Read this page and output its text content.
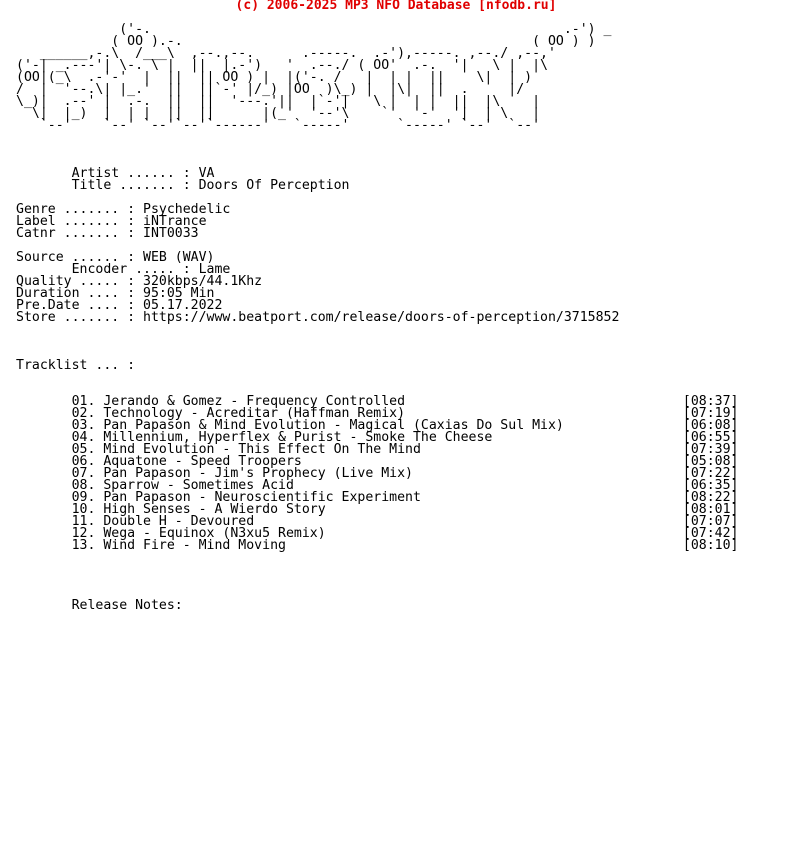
(c) 2006-2025 MP3 NFO Database [nfodb.ru]
('-.                                                    .-') _
( OO ).-.                                            ( OO ) )
______,-.\  /___\  ,--.,--.      .-----.  .-'),-----. ,--./ ,--,'
('-| _.---'| \-. \ |  ||  |.-')   '  .--./ ( OO'  .-.  '|   \ |  |\
(OO|(_\  .-'-'  |  ||  || OO ) |  |('-. /   |  | |  ||    \|  | )
/  |  '--.\| |_.'  ||  ||`-' |/_) |OO  )\_) |  |\|  ||  .     |/
\_)|  .--' |  .-.  ||  ||  '---.'||  |`-'|   \ |  | |  ||  |\    |
\|  |_)  |  | |  ||  ||      |(_'  '--'\    `'  '-'  '|  | \   |
`--'    `--' `--'`--'`------'   `-----'      `-----' `--'  `--'
Artist ...... : VA
Title ....... : Doors Of Perception
Genre ....... : Psychedelic
Label ....... : iNTrance
Catnr ....... : INT0033
Source ...... : WEB (WAV)
Encoder ..... : Lame
Quality ..... : 320kbps/44.1Khz
Duration .... : 95:05 Min
Pre.Date .... : 05.17.2022
Store ....... : https://www.beatport.com/release/doors-of-perception/3715852
Tracklist ... :
01. Jerando & Gomez - Frequency Controlled                                   [08:37]
02. Technology - Acreditar (Haffman Remix)                                   [07:19]
03. Pan Papason & Mind Evolution - Magical (Caxias Do Sul Mix)               [06:08]
04. Millennium, Hyperflex & Purist - Smoke The Cheese                        [06:55]
05. Mind Evolution - This Effect On The Mind                                 [07:39]
06. Aquatone - Speed Troopers                                                [05:08]
07. Pan Papason - Jim's Prophecy (Live Mix)                                  [07:22]
08. Sparrow - Sometimes Acid                                                 [06:35]
09. Pan Papason - Neuroscientific Experiment                                 [08:22]
10. High Senses - A Wierdo Story                                             [08:01]
11. Double H - Devoured                                                      [07:07]
12. Wega - Equinox (N3xu5 Remix)                                             [07:42]
13. Wind Fire - Mind Moving                                                  [08:10]
Release Notes:
